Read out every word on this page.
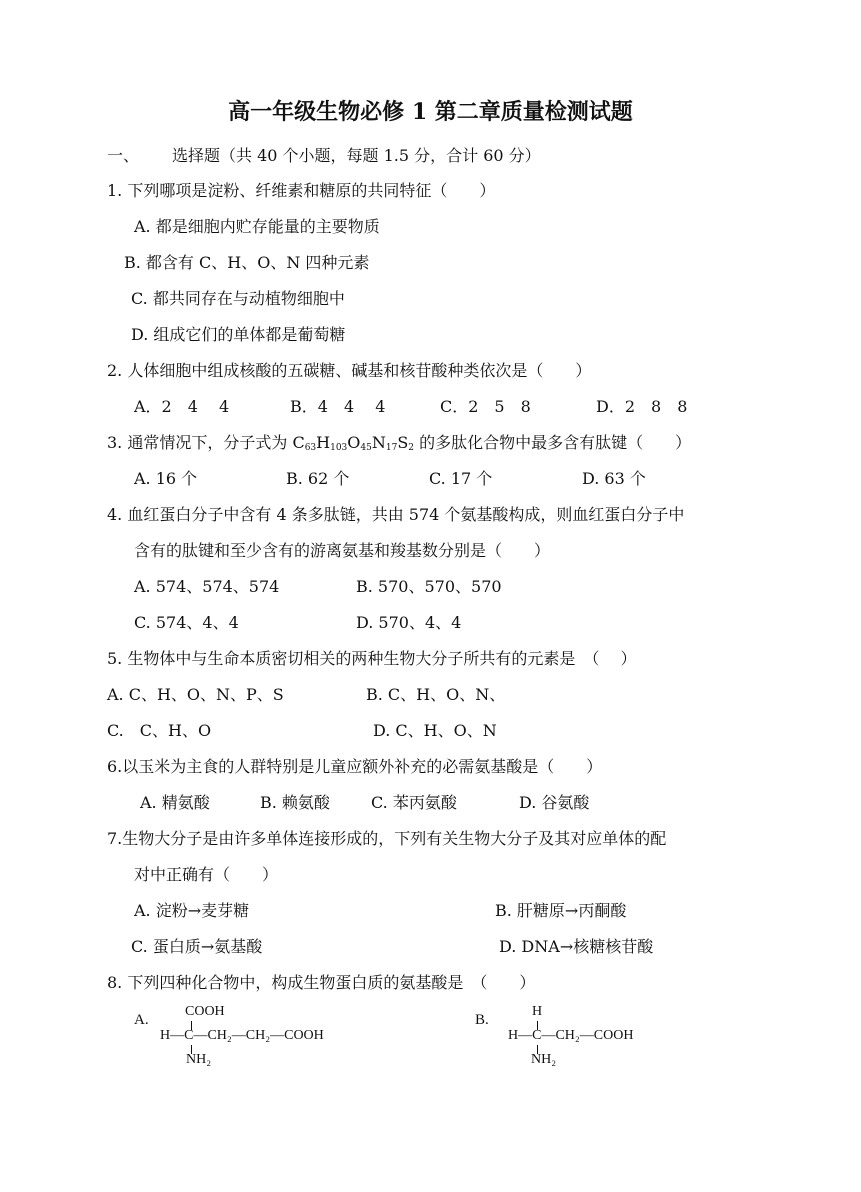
高一年级生物必修 1 第二章质量检测试题
一、 选择题（共 40 个小题，每题 1.5 分，合计 60 分）
1. 下列哪项是淀粉、纤维素和糖原的共同特征（　　）
A. 都是细胞内贮存能量的主要物质
B. 都含有 C、H、O、N 四种元素
C. 都共同存在与动植物细胞中
D. 组成它们的单体都是葡萄糖
2. 人体细胞中组成核酸的五碳糖、碱基和核苷酸种类依次是（　　）
A．2　4　 4	B．4　4　 4	C．2　5　8	D．2　8　8
3. 通常情况下，分子式为 $C_{63}H_{103}O_{45}N_{17}S_2$ 的多肽化合物中最多含有肽键（　　）
A. 16 个	B. 62 个	C. 17 个	D. 63 个
4. 血红蛋白分子中含有 4 条多肽链，共由 574 个氨基酸构成，则血红蛋白分子中
含有的肽键和至少含有的游离氨基和羧基数分别是（　　）
A. 574、574、574	B. 570、570、570
C. 574、4、4	D. 570、4、4
5. 生物体中与生命本质密切相关的两种生物大分子所共有的元素是　（　 ）
A. C、H、O、N、P、S	B. C、H、O、N、
C.　C、H、O	D. C、H、O、N
6.以玉米为主食的人群特别是儿童应额外补充的必需氨基酸是（　　）
A. 精氨酸	B. 赖氨酸	C. 苯丙氨酸	D. 谷氨酸
7.生物大分子是由许多单体连接形成的，下列有关生物大分子及其对应单体的配
对中正确有（　　）
A. 淀粉→麦芽糖	B. 肝糖原→丙酮酸
C. 蛋白质→氨基酸	D. DNA→核糖核苷酸
8. 下列四种化合物中，构成生物蛋白质的氨基酸是　（　　）
A.
COOH
H—C—CH₂—CH₂—COOH
NH₂
B.
H
H—C—CH₂—COOH
NH₂
